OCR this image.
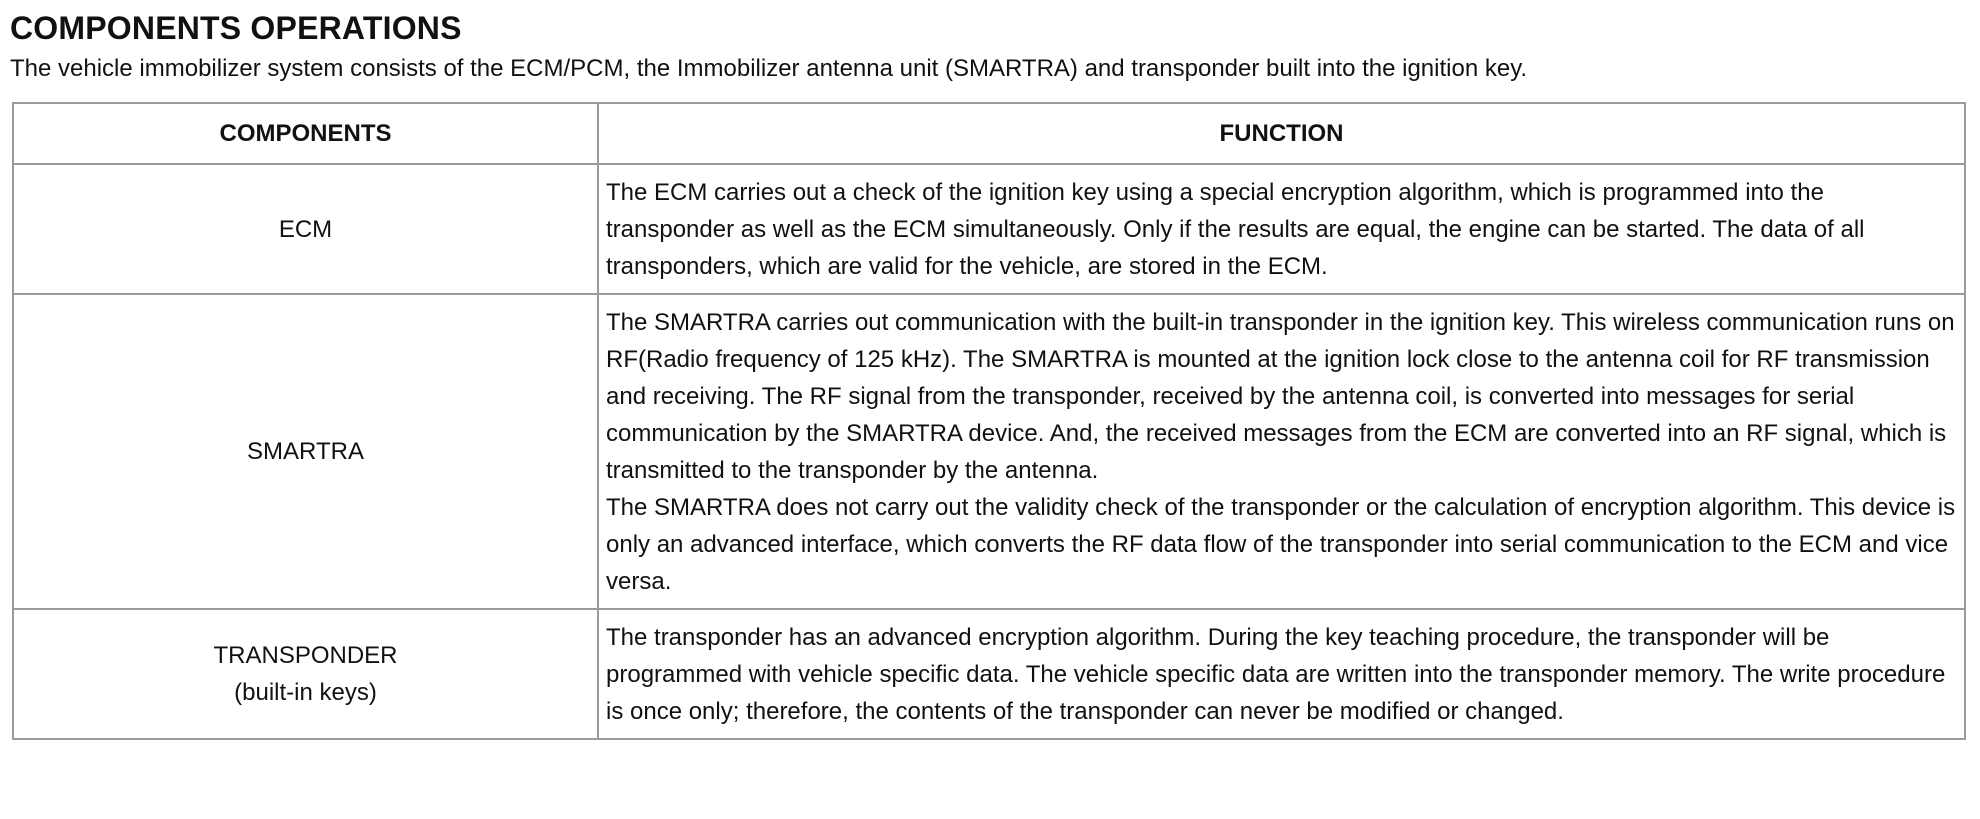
COMPONENTS OPERATIONS

The vehicle immobilizer system consists of the ECM/PCM, the Immobilizer antenna unit (SMARTRA) and transponder built into the ignition key.

COMPONENTS	FUNCTION

ECM	The ECM carries out a check of the ignition key using a special encryption algorithm, which is programmed into the transponder as well as the ECM simultaneously. Only if the results are equal, the engine can be started. The data of all transponders, which are valid for the vehicle, are stored in the ECM.

SMARTRA	The SMARTRA carries out communication with the built-in transponder in the ignition key. This wireless communication runs on RF(Radio frequency of 125 kHz). The SMARTRA is mounted at the ignition lock close to the antenna coil for RF transmission and receiving. The RF signal from the transponder, received by the antenna coil, is converted into messages for serial communication by the SMARTRA device. And, the received messages from the ECM are converted into an RF signal, which is transmitted to the transponder by the antenna.

The SMARTRA does not carry out the validity check of the transponder or the calculation of encryption algorithm. This device is only an advanced interface, which converts the RF data flow of the transponder into serial communication to the ECM and vice versa.

TRANSPONDER
(built-in keys)	The transponder has an advanced encryption algorithm. During the key teaching procedure, the transponder will be programmed with vehicle specific data. The vehicle specific data are written into the transponder memory. The write procedure is once only; therefore, the contents of the transponder can never be modified or changed.
